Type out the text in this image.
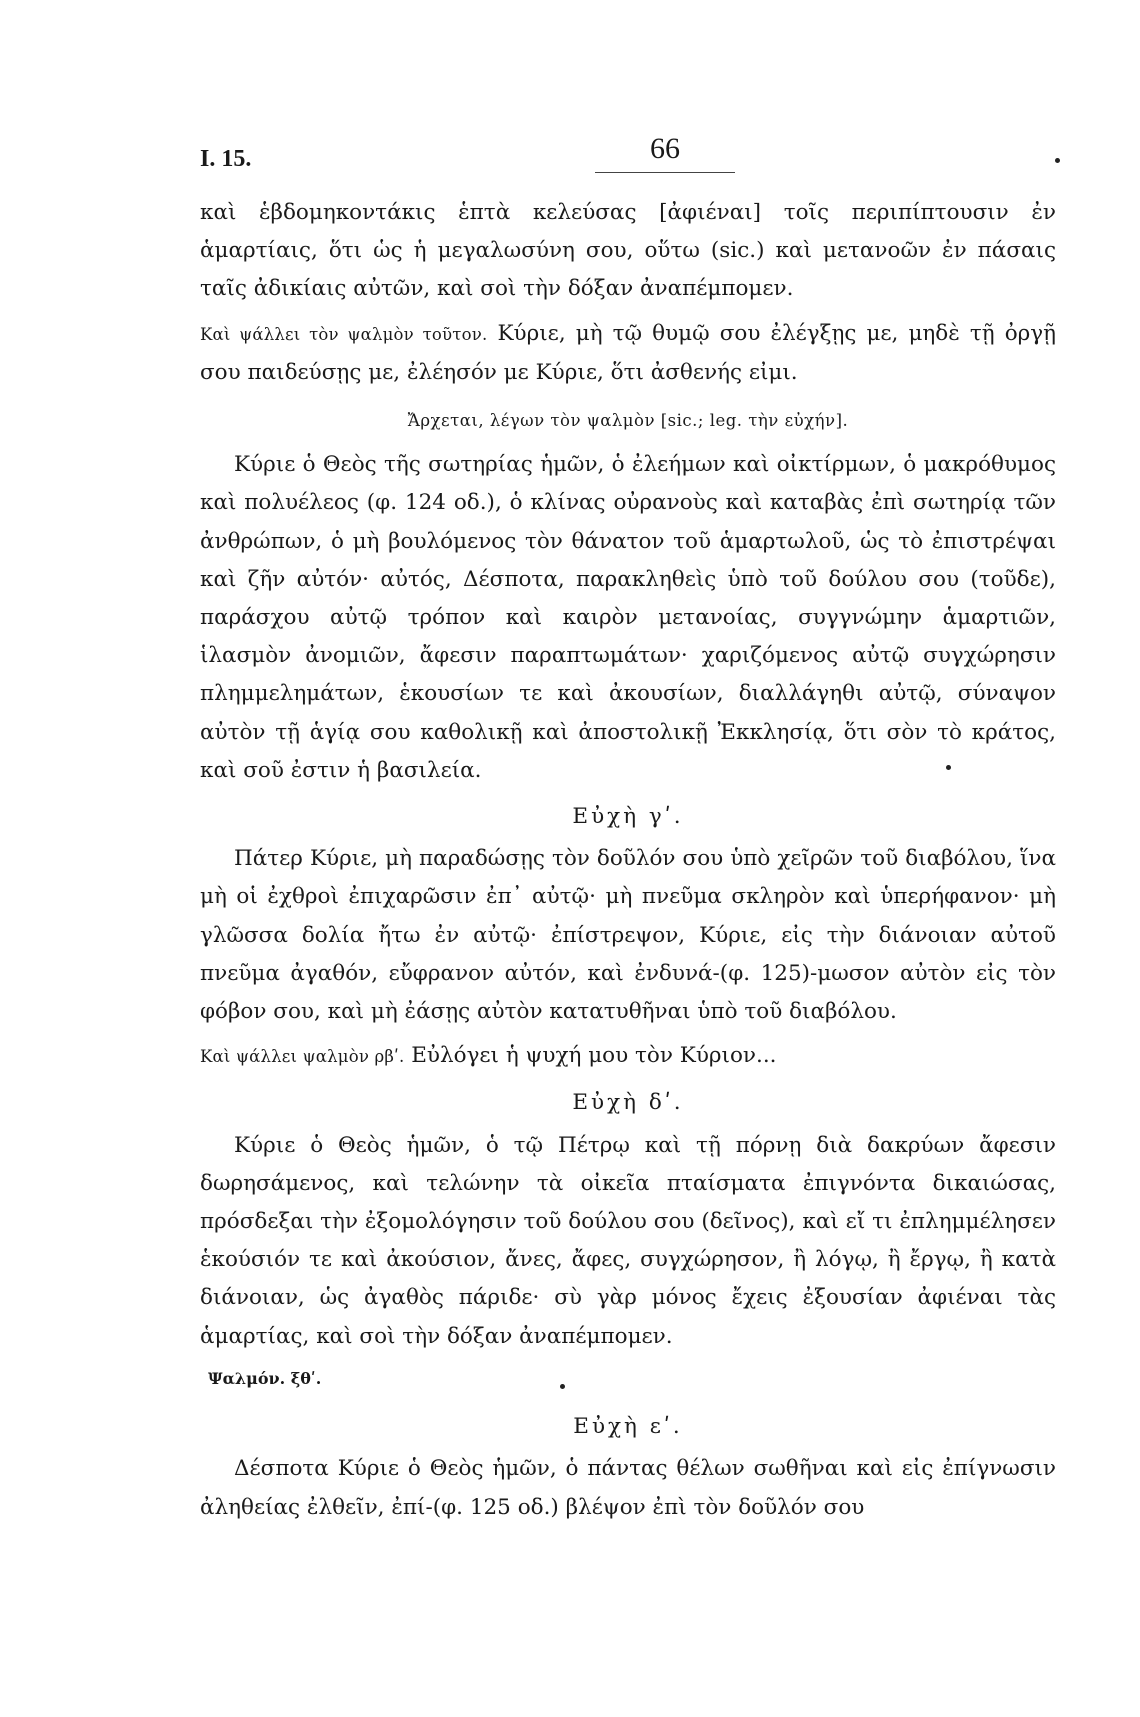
I. 15.	66

καὶ ἑβδομηκοντάκις ἑπτὰ κελεύσας [ἀφιέναι] τοῖς περιπίπτουσιν ἐν ἁμαρτίαις, ὅτι ὡς ἡ μεγαλωσύνη σου, οὕτω (sic.) καὶ μετανοῶν ἐν πάσαις ταῖς ἀδικίαις αὐτῶν, καὶ σοὶ τὴν δόξαν ἀναπέμπομεν.

Καὶ ψάλλει τὸν ψαλμὸν τοῦτον. Κύριε, μὴ τῷ θυμῷ σου ἐλέγξῃς με, μηδὲ τῇ ὀργῇ σου παιδεύσῃς με, ἐλέησόν με Κύριε, ὅτι ἀσθενής εἰμι.

Ἄρχεται, λέγων τὸν ψαλμὸν [sic.; leg. τὴν εὐχήν].

Κύριε ὁ Θεὸς τῆς σωτηρίας ἡμῶν, ὁ ἐλεήμων καὶ οἰκτίρμων, ὁ μακρόθυμος καὶ πολυέλεος (φ. 124 οδ.), ὁ κλίνας οὐρανοὺς καὶ καταβὰς ἐπὶ σωτηρίᾳ τῶν ἀνθρώπων, ὁ μὴ βουλόμενος τὸν θάνατον τοῦ ἁμαρτωλοῦ, ὡς τὸ ἐπιστρέψαι καὶ ζῆν αὐτόν· αὐτός, Δέσποτα, παρακληθεὶς ὑπὸ τοῦ δούλου σου (τοῦδε), παράσχου αὐτῷ τρόπον καὶ καιρὸν μετανοίας, συγγνώμην ἁμαρτιῶν, ἱλασμὸν ἀνομιῶν, ἄφεσιν παραπτωμάτων· χαριζόμενος αὐτῷ συγχώρησιν πλημμελημάτων, ἑκουσίων τε καὶ ἀκουσίων, διαλλάγηθι αὐτῷ, σύναψον αὐτὸν τῇ ἁγίᾳ σου καθολικῇ καὶ ἀποστολικῇ Ἐκκλησίᾳ, ὅτι σὸν τὸ κράτος, καὶ σοῦ ἐστιν ἡ βασιλεία.

Εὐχὴ γʹ.

Πάτερ Κύριε, μὴ παραδώσῃς τὸν δοῦλόν σου ὑπὸ χεῖρῶν τοῦ διαβόλου, ἵνα μὴ οἱ ἐχθροὶ ἐπιχαρῶσιν ἐπ᾽ αὐτῷ· μὴ πνεῦμα σκληρὸν καὶ ὑπερήφανον· μὴ γλῶσσα δολία ἤτω ἐν αὐτῷ· ἐπίστρεψον, Κύριε, εἰς τὴν διάνοιαν αὐτοῦ πνεῦμα ἀγαθόν, εὔφρανον αὐτόν, καὶ ἐνδυνά-(φ. 125)-μωσον αὐτὸν εἰς τὸν φόβον σου, καὶ μὴ ἐάσῃς αὐτὸν κατατυθῆναι ὑπὸ τοῦ διαβόλου.

Καὶ ψάλλει ψαλμὸν ρβʹ. Εὐλόγει ἡ ψυχή μου τὸν Κύριον...

Εὐχὴ δʹ.

Κύριε ὁ Θεὸς ἡμῶν, ὁ τῷ Πέτρῳ καὶ τῇ πόρνῃ διὰ δακρύων ἄφεσιν δωρησάμενος, καὶ τελώνην τὰ οἰκεῖα πταίσματα ἐπιγνόντα δικαιώσας, πρόσδεξαι τὴν ἐξομολόγησιν τοῦ δούλου σου (δεῖνος), καὶ εἴ τι ἐπλημμέλησεν ἑκούσιόν τε καὶ ἀκούσιον, ἄνες, ἄφες, συγχώρησον, ἢ λόγῳ, ἢ ἔργῳ, ἢ κατὰ διάνοιαν, ὡς ἀγαθὸς πάριδε· σὺ γὰρ μόνος ἔχεις ἐξουσίαν ἀφιέναι τὰς ἁμαρτίας, καὶ σοὶ τὴν δόξαν ἀναπέμπομεν.

Ψαλμόν. ξθʹ.

Εὐχὴ εʹ.

Δέσποτα Κύριε ὁ Θεὸς ἡμῶν, ὁ πάντας θέλων σωθῆναι καὶ εἰς ἐπίγνωσιν ἀληθείας ἐλθεῖν, ἐπί-(φ. 125 οδ.) βλέψον ἐπὶ τὸν δοῦλόν σου
